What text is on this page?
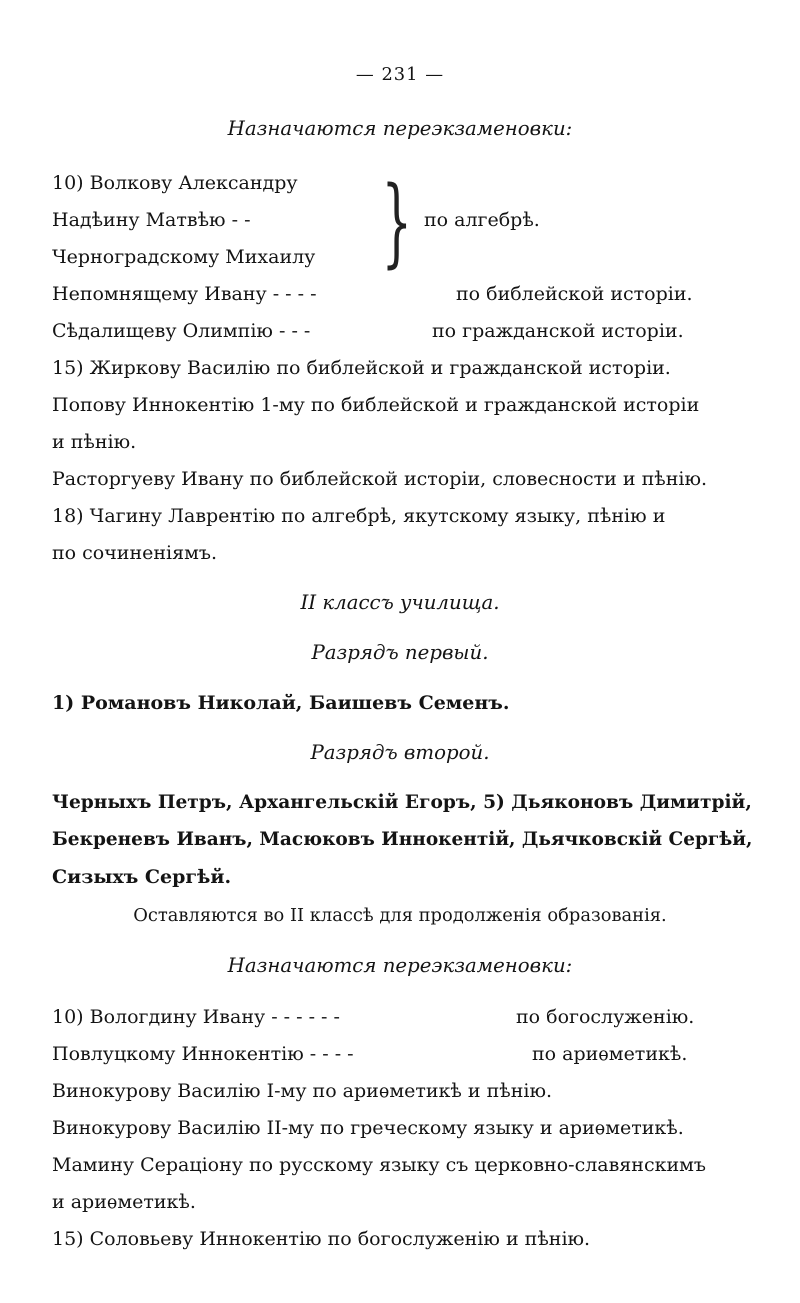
— 231 —
Назначаются переэкзаменовки:
10) Волкову Александру
Надѣину Матвѣю - -
Черноградскому Михаилу } по алгебрѣ.
Непомнящему Ивану - - - -	по библейской исторіи.
Сѣдалищеву Олимпію - - -	по гражданской исторіи.
15) Жиркову Василію по библейской и гражданской исторіи.
Попову Иннокентію 1-му по библейской и гражданской исторіи
и пѣнію.
Расторгуеву Ивану по библейской исторіи, словесности и пѣнію.
18) Чагину Лаврентію по алгебрѣ, якутскому языку, пѣнію и
по сочиненіямъ.
II классъ училища.
Разрядъ первый.
1) Романовъ Николай, Баишевъ Семенъ.
Разрядъ второй.
Черныхъ Петръ, Архангельскій Егоръ, 5) Дьяконовъ Димитрій,
Бекреневъ Иванъ, Масюковъ Иннокентій, Дьячковскій Сергѣй,
Сизыхъ Сергѣй.
Оставляются во II классѣ для продолженія образованія.
Назначаются переэкзаменовки:
10) Вологдину Ивану - - - - - -	по богослуженію.
Повлуцкому Иннокентію - - - -	по ариѳметикѣ.
Винокурову Василію I-му по ариѳметикѣ и пѣнію.
Винокурову Василію II-му по греческому языку и ариѳметикѣ.
Мамину Сераціону по русскому языку съ церковно-славянскимъ
и ариѳметикѣ.
15) Соловьеву Иннокентію по богослуженію и пѣнію.
